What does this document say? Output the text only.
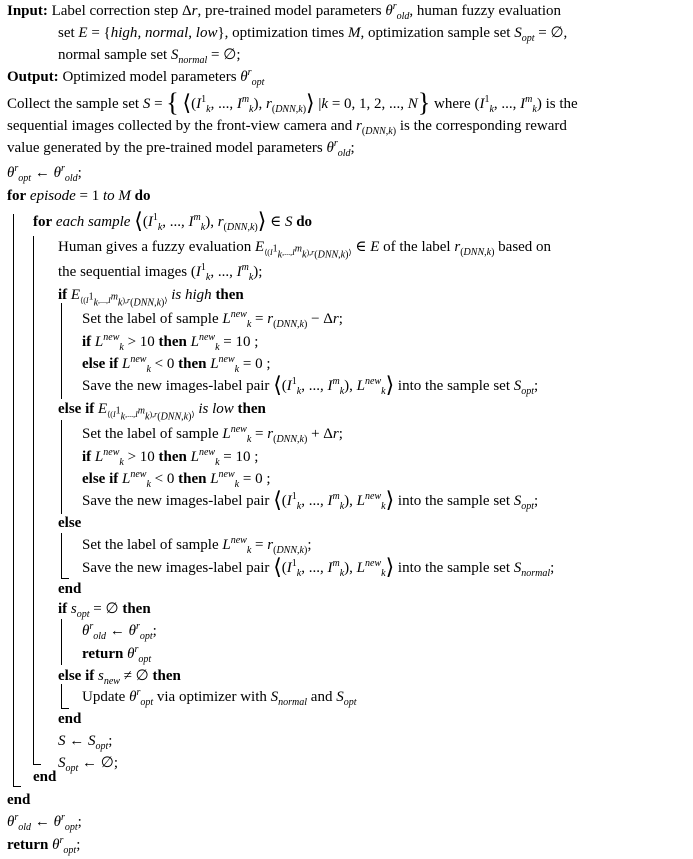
Input: Label correction step Δr, pre-trained model parameters $\theta^r_{old}$, human fuzzy evaluation
set E = {high, normal, low}, optimization times M, optimization sample set $S_{opt}$ = ∅,
normal sample set $S_{normal}$ = ∅;
Output: Optimized model parameters $\theta^r_{opt}$
Collect the sample set S = { $⟨(I^1_k$, ..., $I^m_k$), $r_{(DNN,k)}⟩$ |k = 0, 1, 2, ..., N} where ($I^1_k$, ..., $I^m_k$) is the
sequential images collected by the front-view camera and $r_{(DNN,k)}$ is the corresponding reward
value generated by the pre-trained model parameters $\theta^r_{old}$;
$\theta^r_{opt}$ ← $\theta^r_{old}$;
for episode = 1 to M do
for each sample $⟨(I^1_k$, ..., $I^m_k$), $r_{(DNN,k)}⟩$ ∈ S do
Human gives a fuzzy evaluation $E_{⟨(I^1_k,...,I^m_k),r_{(DNN,k)}⟩}$ ∈ E of the label $r_{(DNN,k)}$ based on
the sequential images ($I^1_k$, ..., $I^m_k$);
if $E_{⟨(I^1_k,...,I^m_k),r_{(DNN,k)}⟩}$ is high then
Set the label of sample $L^{new}_k = r_{(DNN,k)} - \Delta r$;
if $L^{new}_k > 10$ then $L^{new}_k = 10$ ;
else if $L^{new}_k < 0$ then $L^{new}_k = 0$ ;
Save the new images-label pair $⟨(I^1_k$, ..., $I^m_k$), $L^{new}_k⟩$ into the sample set $S_{opt}$;
else if $E_{⟨(I^1_k,...,I^m_k),r_{(DNN,k)}⟩}$ is low then
Set the label of sample $L^{new}_k = r_{(DNN,k)} + \Delta r$;
if $L^{new}_k > 10$ then $L^{new}_k = 10$ ;
else if $L^{new}_k < 0$ then $L^{new}_k = 0$ ;
Save the new images-label pair $⟨(I^1_k$, ..., $I^m_k$), $L^{new}_k⟩$ into the sample set $S_{opt}$;
else
Set the label of sample $L^{new}_k = r_{(DNN,k)}$;
Save the new images-label pair $⟨(I^1_k$, ..., $I^m_k$), $L^{new}_k⟩$ into the sample set $S_{normal}$;
end
if $s_{opt}$ = ∅ then
$\theta^r_{old}$ ← $\theta^r_{opt}$;
return $\theta^r_{opt}$
else if $s_{new}$ ≠ ∅ then
Update $\theta^r_{opt}$ via optimizer with $S_{normal}$ and $S_{opt}$
end
S ← $S_{opt}$;
$S_{opt}$ ← ∅;
end
end
$\theta^r_{old}$ ← $\theta^r_{opt}$;
return $\theta^r_{opt}$;
